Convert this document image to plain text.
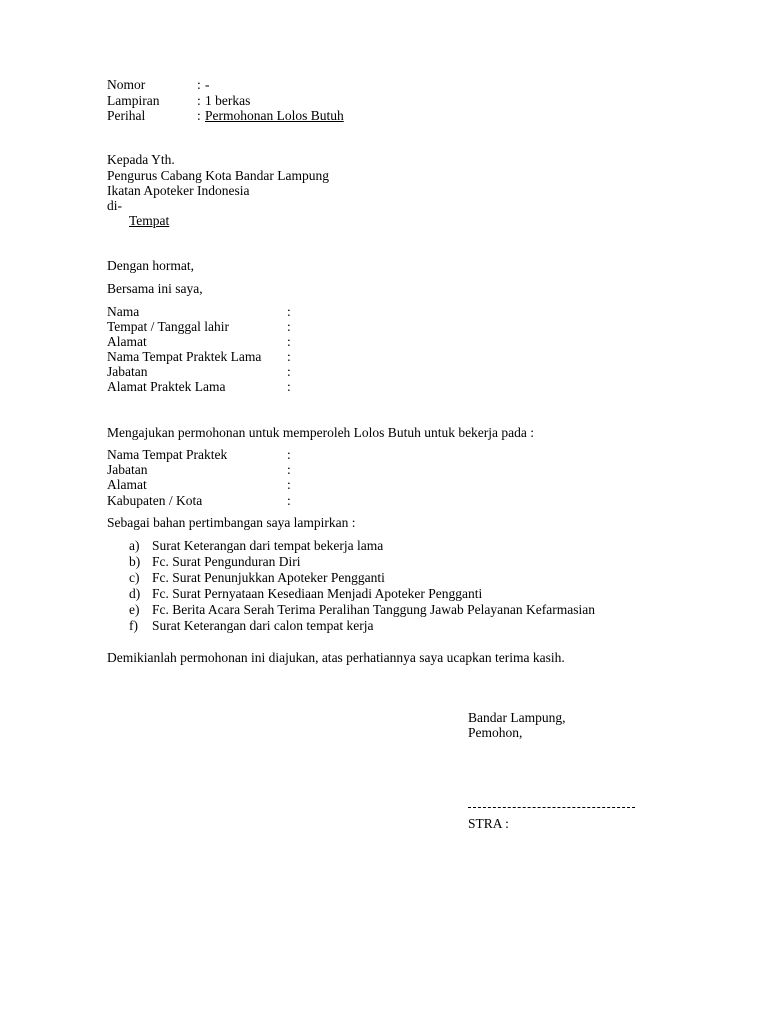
Nomor	: -
Lampiran	: 1 berkas
Perihal	: Permohonan Lolos Butuh
Kepada Yth.
Pengurus Cabang Kota Bandar Lampung
Ikatan Apoteker Indonesia
di-
Tempat
Dengan hormat,
Bersama ini saya,
Nama	:
Tempat / Tanggal lahir	:
Alamat	:
Nama Tempat Praktek Lama :
Jabatan	:
Alamat Praktek Lama	:
Mengajukan permohonan untuk memperoleh Lolos Butuh untuk bekerja pada :
Nama Tempat Praktek	:
Jabatan	:
Alamat	:
Kabupaten / Kota	:
Sebagai bahan pertimbangan saya lampirkan :
a) Surat Keterangan dari tempat bekerja lama
b) Fc. Surat Pengunduran Diri
c) Fc. Surat Penunjukkan Apoteker Pengganti
d) Fc. Surat Pernyataan Kesediaan Menjadi Apoteker Pengganti
e) Fc. Berita Acara Serah Terima Peralihan Tanggung Jawab Pelayanan Kefarmasian
f) Surat Keterangan dari calon tempat kerja
Demikianlah permohonan ini diajukan, atas perhatiannya saya ucapkan terima kasih.
Bandar Lampung,
Pemohon,
STRA :
